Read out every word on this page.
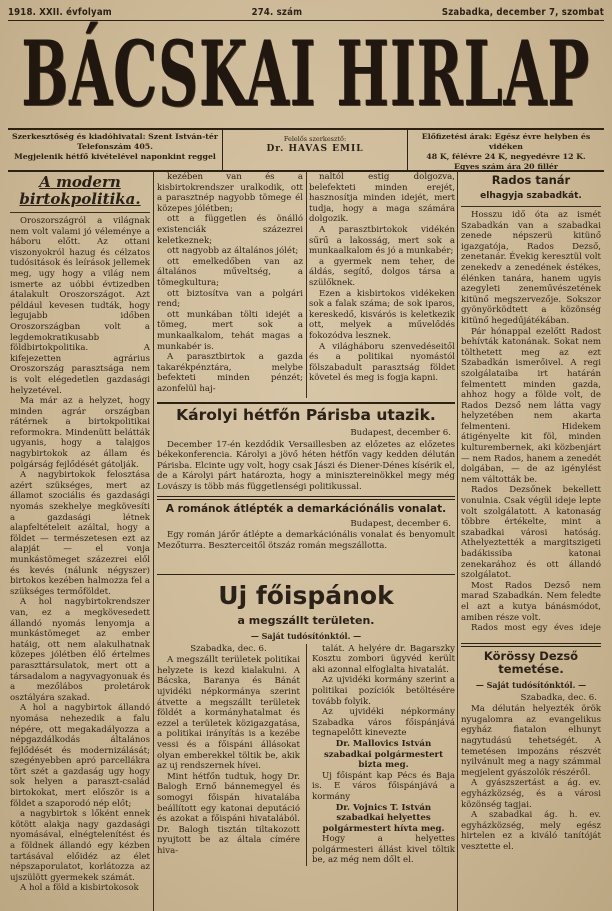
1918. XXII. évfolyam	274. szám	Szabadka, december 7, szombat
BÁCSKAI HIRLAP
Szerkesztőség és kiadóhivatal: Szent István-tér
Telefonszám 405.
Megjelenik hétfő kivételével naponkint reggel
Felelős szerkesztő:
Dr. HAVAS EMIL
Előfizetési árak: Egész évre helyben és vidéken
48 K, félévre 24 K, negyedévre 12 K.
Egyes szám ára 20 fillér
A modern birtokpolitika.

Oroszországról a világnak nem volt valami jó véleménye a háboru előtt. Az ottani viszonyokról hazug és célzatos tudósitások és leírások jellemek meg, ugy hogy a világ nem ismerte az uóbbi évtizedben átalakult Oroszországot. Azt például kevesen tudták, hogy legujabb időben Oroszországban volt a legdemokratikusabb földbirtokpolitika. A kifejezetten agrárius Oroszország parasztsága nem is volt elégedetlen gazdasági helyzetével.

Ma már az a helyzet, hogy minden agrár országban rátérnek a birtokpolitikai reformokra. Mindenütt belátták ugyanis, hogy a talajgos nagybirtokok az állam és polgárság fejlődését gátolják.

A nagybirtokok felosztása azért szükséges, mert az államot szociális és gazdasági nyomás szekhelye megkövesíti a gazdasági létnek alapfeltételeit azáltal, hogy a földet — természetesen ezt az alapját — el vonja munkástömeget százezrei elől és kevés (nálunk négyszer) birtokos kezében halmozza fel a szükséges termőföldet.

A hol nagybirtokrendszer van, ez a megkövesedett állandó nyomás lenyomja a munkástömeget az ember hatáig, ott nem alakulhatnak közepes jólétben élő értelmes paraszttársulatok, mert ott a társadalom a nagyvagyonuak és a mezőlábos proletárok osztályára szakad.

A hol a nagybirtok állandó nyomása nehezedik a falu népére, ott megakadályozza a népgazdálkodás általános fejlődését és modernizálását; szegényebben apró parcellákra tört szét a gazdaság ugy hogy sok helyen a paraszt-család birtokokat, mert először is a földet a szaporodó nép előt;

a nagybirtok s lőként ennek kötött alakja nagy gazdasági nyomásával, elnégtelenítést és a földnek állandó egy kézben tartásával előidéz az élet népszaporulatot, korlátozza az ujszülött gyermekek számát.

A hol a föld a kisbirtokosok

kezében van és a kisbirtokrendszer uralkodik, ott a parasztnép nagyobb tömege él közepes jólétben;

ott a független és önálló existenciák százezrei keletkeznek;

ott nagyobb az általános jólét;

ott emelkedőben van az általános műveltség, a tömegkultura;

ott biztosítva van a polgári rend;

ott munkában tölti idejét a tömeg, mert sok a munkaalkalom, tehát magas a munkabér is.

A parasztbirtok a gazda takarékpénztára, melybe befekteti minden pénzét; azonfelül haj-

naltól estig dolgozva, belefekteti minden erejét, hasznosítja minden idejét, mert tudja, hogy a maga számára dolgozik.

A parasztbirtokok vidékén sűrű a lakosság, mert sok a munkaalkalom és jó a munkabér;

a gyermek nem teher, de áldás, segítő, dolgos társa a szülőknek.

Ezen a kisbirtokos vidékeken sok a falak száma; de sok iparos, kereskedő, kisvárós is keletkezik ott, melyek a művelődés fokozódva lesznek.

A világháboru szenvedéseitől és a politikai nyomástól fölszabadult parasztság földet követel és meg is fogja kapni.

Károlyi hétfőn Párisba utazik.
Budapest, december 6.

December 17-én kezdődik Versaillesben az előzetes az előzetes békekonferencia. Károlyi a jövő héten hétfőn vagy kedden délután Párisba. Elcinte ugy volt, hogy csak Jászi és Diener-Dénes kísérik el, de a Károlyi párt határozta, hogy a minisztereinökkel megy még Lovászy is több más függetlenségi politikussal.

A románok átlépték a demarkációnális vonalat.
Budapest, december 6.

Egy román járőr átlépte a demarkációnális vonalat és benyomult Mezőturra. Beszterceitől ötszáz román megszállotta.

Uj főispánok
a megszállt területen.
— Saját tudósítónktól. —
Szabadka, dec. 6.

A megszállt területek politikai helyzete is kezd kialakulni. A Bácska, Baranya és Bánát ujvidéki népkormánya szerint átvette a megszállt területek földét a kormányhatalmat és ezzel a területek közigazgatása, a politikai irányítás is a kezébe vessi és a főispáni állásokat olyan emberekkel töltik be, akik az uj rendszernek hívei.

Mint hétfőn tudtuk, hogy Dr. Balogh Ernő bánnemegyel és somogyi főispán hivatalába beállított egy katonai deputáció és azokat a főispáni hivatalából. Dr. Balogh tisztán tiltakozott nyujtott be az általa címére hiva-

talát. A helyére dr. Bagarszky Kosztu zombori ügyvéd került aki azonnal elfoglalta hivatalát.

Az ujvidéki kormány szerint a politikai pozíciók betöltésére tovább folyik.

Az ujvidéki népkormány Szabadka város főispánjává tegnapelőtt kinevezte

Dr. Mallovics István szabadkai polgármestert bizta meg.

Uj főispánt kap Pécs és Baja is. E város főispánjává a kormány

Dr. Vojnics T. István szabadkai helyettes polgármestert hívta meg.

Hogy a helyettes polgármesteri állást kivel töltik be, az még nem dőlt el.

Rados tanár
elhagyja szabadkát.

Hosszu idő óta az ismét Szabadkán van a szabadkai zenede népszerü kitünő igazgatója, Rados Dezső, zenetanár. Évekig keresztül volt zenekedv a zenedének éstékes, élénken tanára, hanem ugyis azegyleti zeneművészetének kitünő megszervezője. Sokszor gyönyörködtett a közönség kitünő hegedűjátékában.

Pár hónappal ezelőtt Radost behívták katonának. Sokat nem tölthetett meg az ezt Szabadkán ismerőivel. A regi szolgálataiba irt határán felmentett minden gazda, ahhoz hogy a földe volt, de Rados Dezső nem látta vagy helyzetében nem akarta felmenteni. Hidekem átigényelte kit föl, minden kulturembernek, aki közbenjárt — nem Rados, hanem a zenedét dolgában, — de az igénylést nem váltották be.

Rados Dezsőnek bekellett vonulnia. Csak végül ideje lepte volt szolgálatott. A katonaság többre értékelte, mint a szabadkai városi hatóság. Athelyeztették a margitszigeti badákissiba katonai zenekarához és ott állandó szolgálatot.

Most Rados Dezső nem marad Szabadkán. Nem feledte el azt a kutya bánásmódot, amiben része volt.

Rados most egy éves ideje

Körössy Dezső temetése.
— Saját tudósítónktól. —
Szabadka, dec. 6.

Ma délután helyezték örök nyugalomra az evangelikus egyház fiatalon elhunyt nagytudású tehetségét. A temetésen impozáns részvét nyilvánult meg a nagy számmal megjelent gyászolók részéről.

A gyászszertást a ág. ev. egyházközség, és a városi közönség tagjai.

A szabadkai ág. h. ev. egyházközség, mely egész hirtelen ez a kiváló tanítóját vesztette el.
